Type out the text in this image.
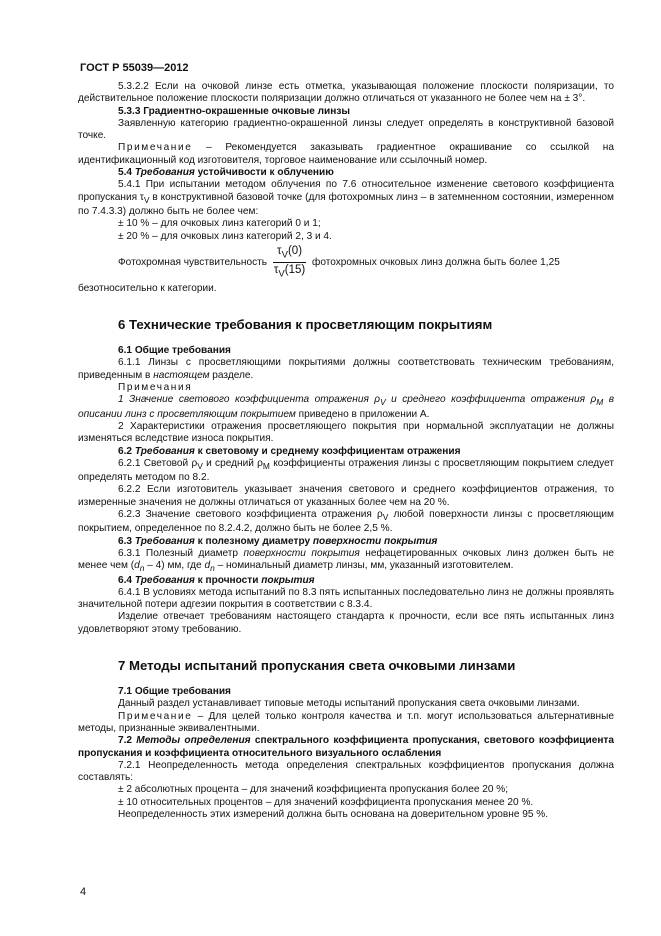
ГОСТ Р 55039—2012

5.3.2.2 Если на очковой линзе есть отметка, указывающая положение плоскости поляризации, то действительное положение плоскости поляризации должно отличаться от указанного не более чем на ± 3°.

5.3.3 Градиентно-окрашенные очковые линзы

Заявленную категорию градиентно-окрашенной линзы следует определять в конструктивной базовой точке.

Примечание – Рекомендуется заказывать градиентное окрашивание со ссылкой на идентификационный код изготовителя, торговое наименование или ссылочный номер.

5.4 Требования устойчивости к облучению

5.4.1 При испытании методом облучения по 7.6 относительное изменение светового коэффициента пропускания $\tau_V$ в конструктивной базовой точке (для фотохромных линз – в затемненном состоянии, измеренном по 7.4.3.3) должно быть не более чем:

± 10 % – для очковых линз категорий 0 и 1;

± 20 % – для очковых линз категорий 2, 3 и 4.

Фотохромная чувствительность $\frac{\tau_V(0)}{\tau_V(15)}$ фотохромных очковых линз должна быть более 1,25

безотносительно к категории.

6 Технические требования к просветляющим покрытиям

6.1 Общие требования

6.1.1 Линзы с просветляющими покрытиями должны соответствовать техническим требованиям, приведенным в настоящем разделе.

Примечания

1 Значение светового коэффициента отражения $\rho_V$ и среднего коэффициента отражения $\rho_M$ в описании линз с просветляющим покрытием приведено в приложении А.

2 Характеристики отражения просветляющего покрытия при нормальной эксплуатации не должны изменяться вследствие износа покрытия.

6.2 Требования к световому и среднему коэффициентам отражения

6.2.1 Световой $\rho_V$ и средний $\rho_M$ коэффициенты отражения линзы с просветляющим покрытием следует определять методом по 8.2.

6.2.2 Если изготовитель указывает значения светового и среднего коэффициентов отражения, то измеренные значения не должны отличаться от указанных более чем на 20 %.

6.2.3 Значение светового коэффициента отражения $\rho_V$ любой поверхности линзы с просветляющим покрытием, определенное по 8.2.4.2, должно быть не более 2,5 %.

6.3 Требования к полезному диаметру поверхности покрытия

6.3.1 Полезный диаметр поверхности покрытия нефацетированных очковых линз должен быть не менее чем $(d_n - 4)$ мм, где $d_n$ – номинальный диаметр линзы, мм, указанный изготовителем.

6.4 Требования к прочности покрытия

6.4.1 В условиях метода испытаний по 8.3 пять испытанных последовательно линз не должны проявлять значительной потери адгезии покрытия в соответствии с 8.3.4.

Изделие отвечает требованиям настоящего стандарта к прочности, если все пять испытанных линз удовлетворяют этому требованию.

7 Методы испытаний пропускания света очковыми линзами

7.1 Общие требования

Данный раздел устанавливает типовые методы испытаний пропускания света очковыми линзами.

Примечание – Для целей только контроля качества и т.п. могут использоваться альтернативные методы, признанные эквивалентными.

7.2 Методы определения спектрального коэффициента пропускания, светового коэффициента пропускания и коэффициента относительного визуального ослабления

7.2.1 Неопределенность метода определения спектральных коэффициентов пропускания должна составлять:

± 2 абсолютных процента – для значений коэффициента пропускания более 20 %;

± 10 относительных процентов – для значений коэффициента пропускания менее 20 %.

Неопределенность этих измерений должна быть основана на доверительном уровне 95 %.

4
